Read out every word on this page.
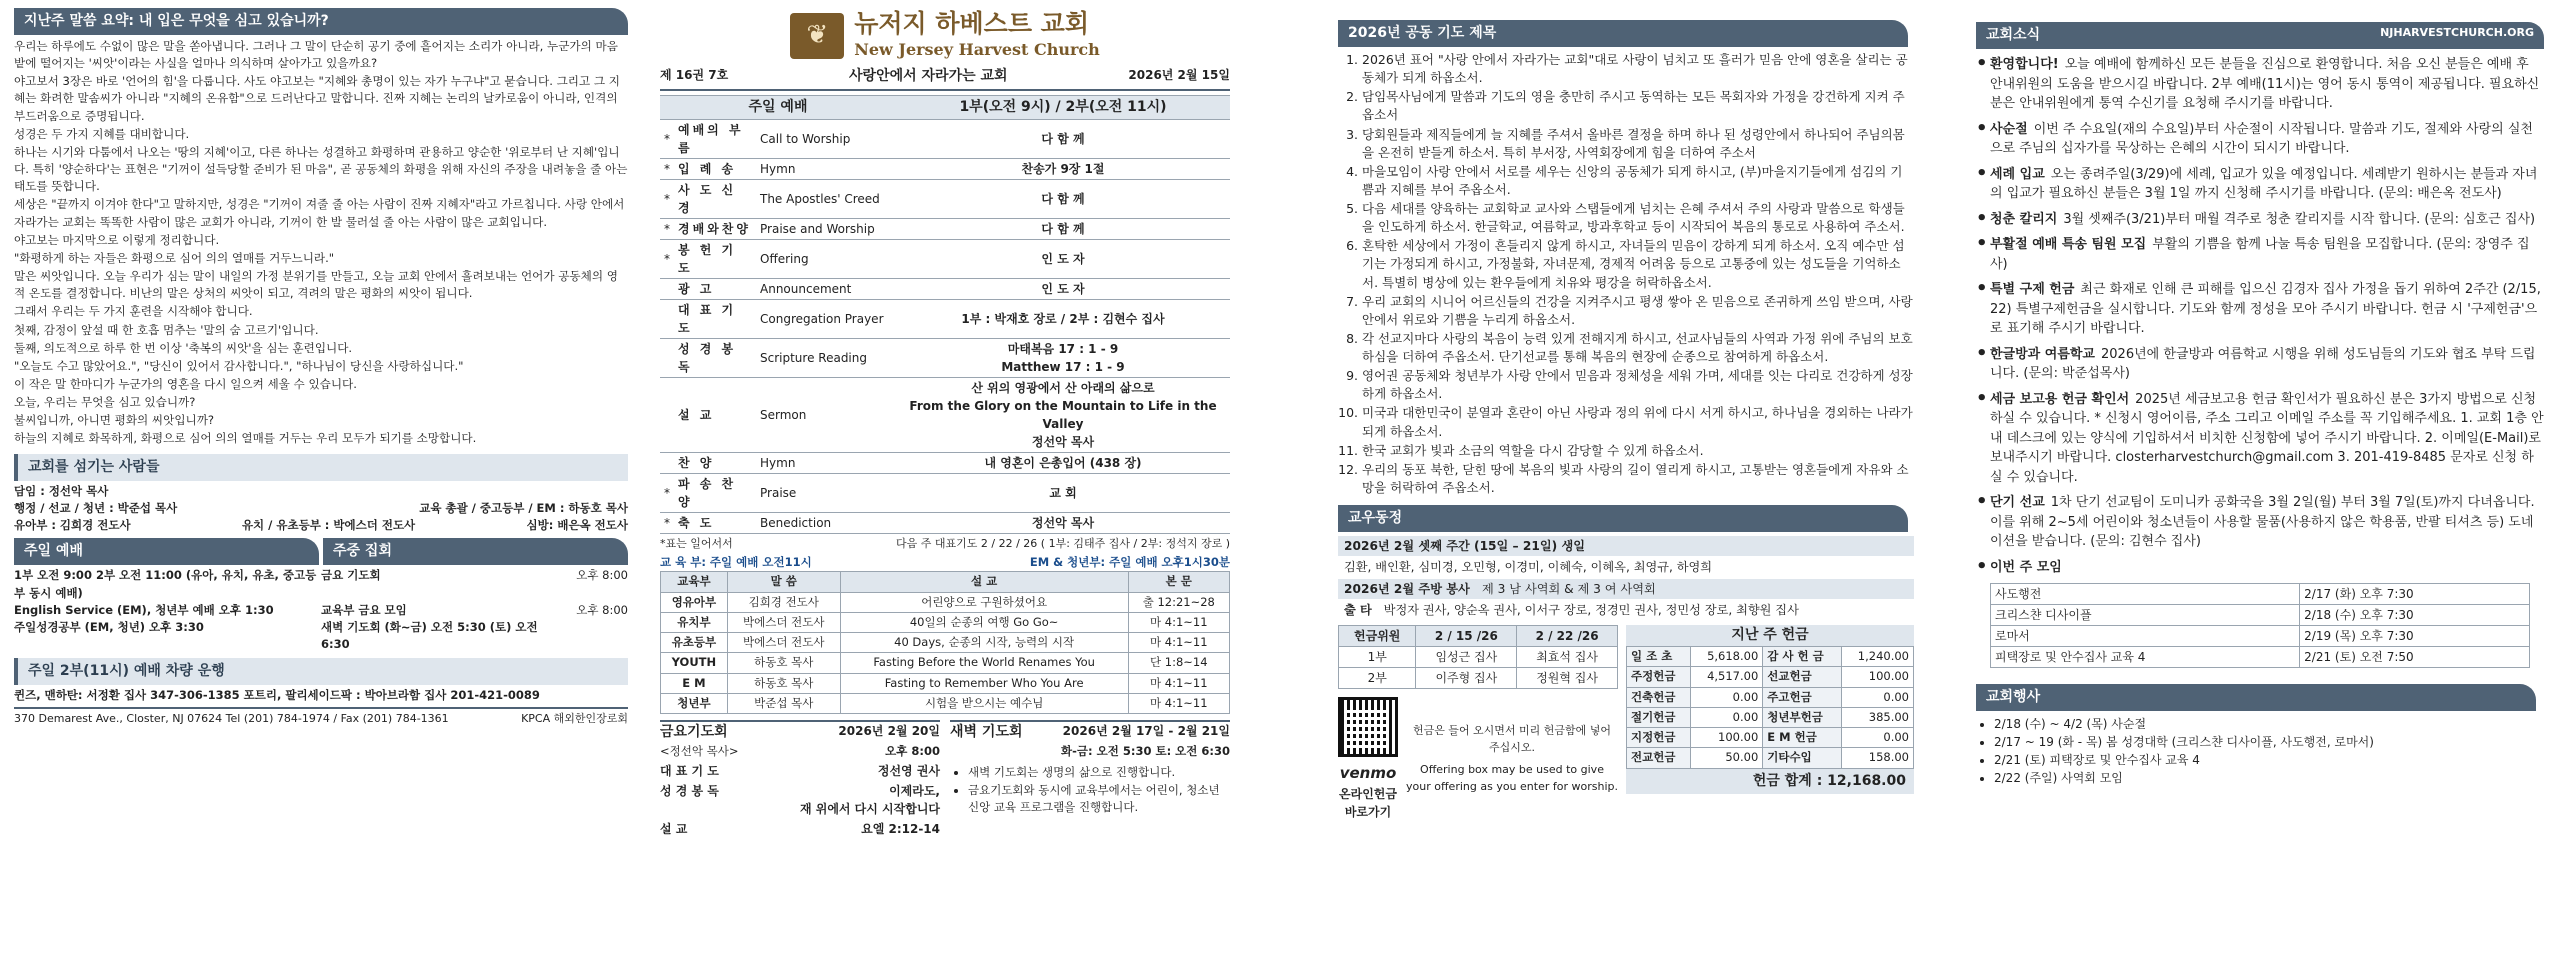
지난주 말씀 요약: 내 입은 무엇을 심고 있습니까?

우리는 하루에도 수없이 많은 말을 쏟아냅니다. 그러나 그 말이 단순히 공기 중에 흩어지는 소리가 아니라, 누군가의 마음 밭에 떨어지는 '씨앗'이라는 사실을 얼마나 의식하며 살아가고 있을까요?

야고보서 3장은 바로 '언어의 힘'을 다룹니다. 사도 야고보는 "지혜와 총명이 있는 자가 누구냐"고 묻습니다. 그리고 그 지혜는 화려한 말솜씨가 아니라 "지혜의 온유함"으로 드러난다고 말합니다. 진짜 지혜는 논리의 날카로움이 아니라, 인격의 부드러움으로 증명됩니다.

성경은 두 가지 지혜를 대비합니다.

하나는 시기와 다툼에서 나오는 '땅의 지혜'이고, 다른 하나는 성결하고 화평하며 관용하고 양순한 '위로부터 난 지혜'입니다. 특히 '양순하다'는 표현은 "기꺼이 설득당할 준비가 된 마음", 곧 공동체의 화평을 위해 자신의 주장을 내려놓을 줄 아는 태도를 뜻합니다.

세상은 "끝까지 이겨야 한다"고 말하지만, 성경은 "기꺼이 져줄 줄 아는 사람이 진짜 지혜자"라고 가르칩니다. 사랑 안에서 자라가는 교회는 똑똑한 사람이 많은 교회가 아니라, 기꺼이 한 발 물러설 줄 아는 사람이 많은 교회입니다.

야고보는 마지막으로 이렇게 정리합니다.

"화평하게 하는 자들은 화평으로 심어 의의 열매를 거두느니라."

말은 씨앗입니다. 오늘 우리가 심는 말이 내일의 가정 분위기를 만들고, 오늘 교회 안에서 흘려보내는 언어가 공동체의 영적 온도를 결정합니다. 비난의 말은 상처의 씨앗이 되고, 격려의 말은 평화의 씨앗이 됩니다.

그래서 우리는 두 가지 훈련을 시작해야 합니다.

첫째, 감정이 앞설 때 한 호흡 멈추는 '말의 숨 고르기'입니다.

둘째, 의도적으로 하루 한 번 이상 '축복의 씨앗'을 심는 훈련입니다.

"오늘도 수고 많았어요.", "당신이 있어서 감사합니다.", "하나님이 당신을 사랑하십니다."

이 작은 말 한마디가 누군가의 영혼을 다시 일으켜 세울 수 있습니다.

오늘, 우리는 무엇을 심고 있습니까?

불씨입니까, 아니면 평화의 씨앗입니까?

하늘의 지혜로 화목하게, 화평으로 심어 의의 열매를 거두는 우리 모두가 되기를 소망합니다.

교회를 섬기는 사람들
담임 : 정선악 목사
행정 / 선교 / 청년 : 박준섭 목사	교육 총괄 / 중고등부 / EM : 하동호 목사
유아부 : 김희경 전도사	유치 / 유초등부 : 박에스더 전도사	심방: 배은옥 전도사
주일 예배	주중 집회
1부 오전 9:00 2부 오전 11:00 (유아, 유치, 유초, 중고등부 동시 예배)
금요 기도회	오후 8:00
English Service (EM), 청년부 예배 오후 1:30	교육부 금요 모임	오후 8:00
주일성경공부 (EM, 청년) 오후 3:30	새벽 기도회 (화~금) 오전 5:30 (토) 오전 6:30
주일 2부(11시) 예배 차량 운행
퀸즈, 맨하탄: 서정환 집사 347-306-1385 포트리, 팔리세이드팍 : 박아브라함 집사 201-421-0089
370 Demarest Ave., Closter, NJ 07624 Tel (201) 784-1974 / Fax (201) 784-1361	KPCA 해외한인장로회
❦	뉴저지 하베스트 교회
New Jersey Harvest Church
제 16권 7호	사랑안에서 자라가는 교회	2026년 2월 15일
주일 예배			1부(오전 9시) / 2부(오전 11시)
*	예배의 부름	Call to Worship	다 함 께
*	입 례 송	Hymn	찬송가 9장 1절
*	사 도 신 경	The Apostles' Creed	다 함 께
*	경배와찬양	Praise and Worship	다 함 께
*	봉 헌 기 도	Offering	인 도 자
	광 고	Announcement	인 도 자
	대 표 기 도	Congregation Prayer	1부 : 박재호 장로 / 2부 : 김현수 집사
	성 경 봉 독	Scripture Reading	마태복음 17 : 1 - 9
Matthew 17 : 1 - 9
	설 교	Sermon	산 위의 영광에서 산 아래의 삶으로
From the Glory on the Mountain to Life in the Valley
정선악 목사
	찬 양	Hymn	내 영혼이 은총입어 (438 장)
*	파 송 찬 양	Praise	교 회
*	축 도	Benediction	정선악 목사
*표는 일어서서	다음 주 대표기도 2 / 22 / 26 ( 1부: 김태주 집사 / 2부: 정석지 장로 )
교 육 부: 주일 예배 오전11시	EM & 청년부: 주일 예배 오후1시30분
교육부	말 씀	설 교	본 문
영유아부	김희경 전도사	어린양으로 구원하셨어요	출 12:21~28
유치부	박에스더 전도사	40일의 순종의 여행 Go Go~	마 4:1~11
유초등부	박에스더 전도사	40 Days, 순종의 시작, 능력의 시작	마 4:1~11
YOUTH	하동호 목사	Fasting Before the World Renames You	단 1:8~14
E M	하동호 목사	Fasting to Remember Who You Are	마 4:1~11
청년부	박준섭 목사	시험을 받으시는 예수님	마 4:1~11
금요기도회	2026년 2월 20일
<정선악 목사>	오후 8:00
대 표 기 도	정선영 권사
성 경 봉 독	이제라도,
재 위에서 다시 시작합니다
설 교	요엘 2:12-14
새벽 기도회	2026년 2월 17일 - 2월 21일
화-금: 오전 5:30 토: 오전 6:30
• 새벽 기도회는 생명의 삶으로 진행합니다.
• 금요기도회와 동시에 교육부에서는 어린이, 청소년 신앙 교육 프로그램을 진행합니다.
2026년 공동 기도 제목
1. 2026년 표어 "사랑 안에서 자라가는 교회"대로 사랑이 넘치고 또 흘러가 믿음 안에 영혼을 살리는 공동체가 되게 하옵소서.
2. 담임목사님에게 말씀과 기도의 영을 충만히 주시고 동역하는 모든 목회자와 가정을 강건하게 지켜 주옵소서
3. 당회원들과 제직들에게 늘 지혜를 주셔서 올바른 결정을 하며 하나 된 성령안에서 하나되어 주님의몸을 온전히 받들게 하소서. 특히 부서장, 사역회장에게 힘을 더하여 주소서
4. 마을모임이 사랑 안에서 서로를 세우는 신앙의 공동체가 되게 하시고, (부)마을지기들에게 섬김의 기쁨과 지혜를 부어 주옵소서.
5. 다음 세대를 양육하는 교회학교 교사와 스탭들에게 넘치는 은혜 주셔서 주의 사랑과 말씀으로 학생들을 인도하게 하소서. 한글학교, 여름학교, 방과후학교 등이 시작되어 복음의 통로로 사용하여 주소서.
6. 혼탁한 세상에서 가정이 흔들리지 않게 하시고, 자녀들의 믿음이 강하게 되게 하소서. 오직 예수만 섬기는 가정되게 하시고, 가정불화, 자녀문제, 경제적 어려움 등으로 고통중에 있는 성도들을 기억하소서. 특별히 병상에 있는 환우들에게 치유와 평강을 허락하옵소서.
7. 우리 교회의 시니어 어르신들의 건강을 지켜주시고 평생 쌓아 온 믿음으로 존귀하게 쓰임 받으며, 사랑 안에서 위로와 기쁨을 누리게 하옵소서.
8. 각 선교지마다 사랑의 복음이 능력 있게 전해지게 하시고, 선교사님들의 사역과 가정 위에 주님의 보호하심을 더하여 주옵소서. 단기선교를 통해 복음의 현장에 순종으로 참여하게 하옵소서.
9. 영어권 공동체와 청년부가 사랑 안에서 믿음과 정체성을 세워 가며, 세대를 잇는 다리로 건강하게 성장하게 하옵소서.
10. 미국과 대한민국이 분열과 혼란이 아닌 사랑과 정의 위에 다시 서게 하시고, 하나님을 경외하는 나라가 되게 하옵소서.
11. 한국 교회가 빛과 소금의 역할을 다시 감당할 수 있게 하옵소서.
12. 우리의 동포 북한, 닫힌 땅에 복음의 빛과 사랑의 길이 열리게 하시고, 고통받는 영혼들에게 자유와 소망을 허락하여 주옵소서.
교우동정
2026년 2월 셋째 주간 (15일 – 21일) 생일
김환, 배인환, 심미경, 오민형, 이경미, 이혜숙, 이혜옥, 최영규, 하영희
2026년 2월 주방 봉사 제 3 남 사역회 & 제 3 여 사역회
출 타 박정자 권사, 양순옥 권사, 이서구 장로, 정경민 권사, 정민성 장로, 최향원 집사
헌금위원	2 / 15 /26	2 / 22 /26
1부	임성근 집사	최효석 집사
2부	이주형 집사	정원혁 집사
venmo
온라인헌금 바로가기
헌금은 들어 오시면서 미리 헌금함에 넣어 주십시오.
Offering box may be used to give your offering as you enter for worship.
지난 주 헌금
일 조 초	5,618.00	감 사 헌 금	1,240.00
주정헌금	4,517.00	선교헌금	100.00
건축헌금	0.00	주고헌금	0.00
절기헌금	0.00	청년부헌금	385.00
지정헌금	100.00	E M 헌금	0.00
전교헌금	50.00	기타수입	158.00
헌금 합계 : 12,168.00
교회소식	NJHARVESTCHURCH.ORG
• 환영합니다! 오늘 예배에 함께하신 모든 분들을 진심으로 환영합니다. 처음 오신 분들은 예배 후 안내위원의 도움을 받으시길 바랍니다. 2부 예배(11시)는 영어 동시 통역이 제공됩니다. 필요하신 분은 안내위원에게 통역 수신기를 요청해 주시기를 바랍니다.
• 사순절 이번 주 수요일(재의 수요일)부터 사순절이 시작됩니다. 말씀과 기도, 절제와 사랑의 실천으로 주님의 십자가를 묵상하는 은혜의 시간이 되시기 바랍니다.
• 세례 입교 오는 종려주일(3/29)에 세례, 입교가 있을 예정입니다. 세례받기 원하시는 분들과 자녀의 입교가 필요하신 분들은 3월 1일 까지 신청해 주시기를 바랍니다. (문의: 배은옥 전도사)
• 청춘 칼리지 3월 셋째주(3/21)부터 매월 격주로 청춘 칼리지를 시작 합니다. (문의: 심호근 집사)
• 부활절 예배 특송 팀원 모집 부활의 기쁨을 함께 나눌 특송 팀원을 모집합니다. (문의: 장영주 집사)
• 특별 구제 헌금 최근 화재로 인해 큰 피해를 입으신 김경자 집사 가정을 돕기 위하여 2주간 (2/15, 22) 특별구제헌금을 실시합니다. 기도와 함께 정성을 모아 주시기 바랍니다. 헌금 시 '구제헌금'으로 표기해 주시기 바랍니다.
• 한글방과 여름학교 2026년에 한글방과 여름학교 시행을 위해 성도님들의 기도와 협조 부탁 드립니다. (문의: 박준섭목사)
• 세금 보고용 헌금 확인서 2025년 세금보고용 헌금 확인서가 필요하신 분은 3가지 방법으로 신청 하실 수 있습니다. * 신청시 영어이름, 주소 그리고 이메일 주소를 꼭 기입해주세요. 1. 교회 1층 안내 데스크에 있는 양식에 기입하셔서 비치한 신청함에 넣어 주시기 바랍니다. 2. 이메일(E-Mail)로 보내주시기 바랍니다. closterharvestchurch@gmail.com 3. 201-419-8485 문자로 신청 하실 수 있습니다.
• 단기 선교 1차 단기 선교팀이 도미니카 공화국을 3월 2일(월) 부터 3월 7일(토)까지 다녀옵니다. 이를 위해 2~5세 어린이와 청소년들이 사용할 물품(사용하지 않은 학용품, 반팔 티셔츠 등) 도네이션을 받습니다. (문의: 김현수 집사)
• 이번 주 모임
사도행전	2/17 (화) 오후 7:30
크리스챤 디사이플	2/18 (수) 오후 7:30
로마서	2/19 (목) 오후 7:30
피택장로 및 안수집사 교육 4	2/21 (토) 오전 7:50
교회행사
• 2/18 (수) ~ 4/2 (목) 사순절
• 2/17 ~ 19 (화 - 목) 봄 성경대학 (크리스챤 디사이플, 사도행전, 로마서)
• 2/21 (토) 피택장로 및 안수집사 교육 4
• 2/22 (주일) 사역회 모임
